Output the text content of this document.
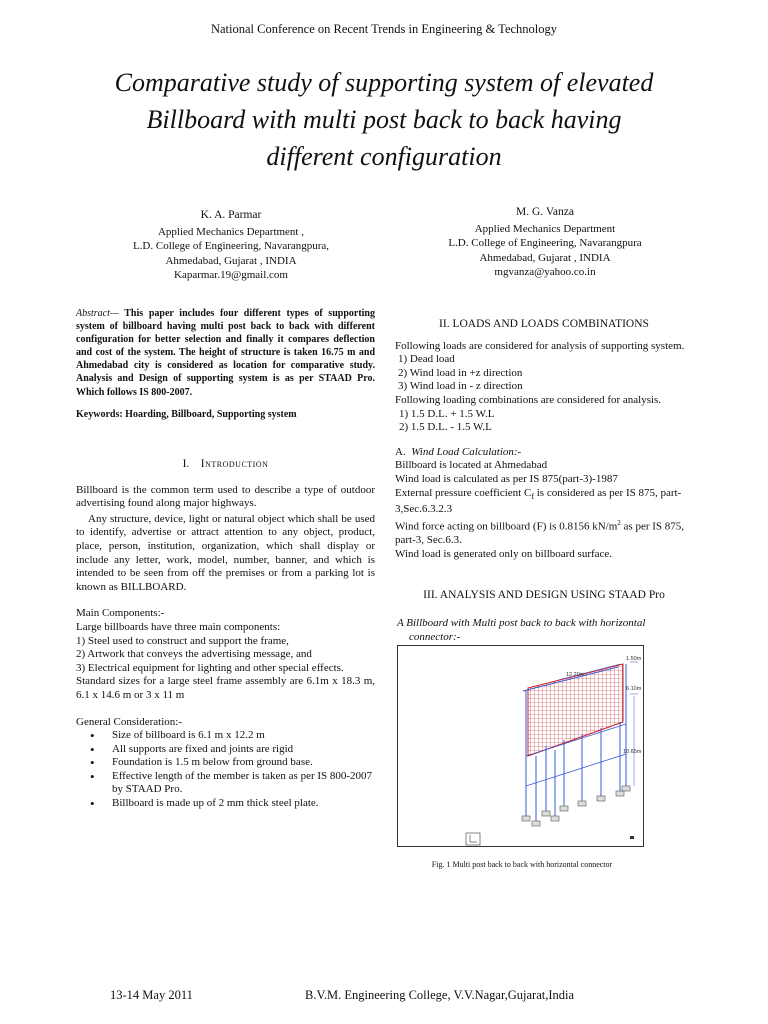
National Conference on Recent Trends in Engineering & Technology
Comparative study of supporting system of elevated
Billboard with multi post back to back having
different configuration
K. A. Parmar
Applied Mechanics Department ,
L.D. College of Engineering, Navarangpura,
Ahmedabad, Gujarat , INDIA
Kaparmar.19@gmail.com
M. G. Vanza
Applied Mechanics Department
L.D. College of Engineering, Navarangpura
Ahmedabad, Gujarat , INDIA
mgvanza@yahoo.co.in
Abstract— This paper includes four different types of supporting system of billboard having multi post back to back with different configuration for better selection and finally it compares deflection and cost of the system. The height of structure is taken 16.75 m and Ahmedabad city is considered as location for comparative study. Analysis and Design of supporting system is as per STAAD Pro. Which follows IS 800-2007.
Keywords: Hoarding, Billboard, Supporting system
I. Introduction
Billboard is the common term used to describe a type of outdoor advertising found along major highways.
Any structure, device, light or natural object which shall be used to identify, advertise or attract attention to any object, product, place, person, institution, organization, which shall display or include any letter, work, model, number, banner, and which is intended to be seen from off the premises or from a parking lot is known as BILLBOARD.
Main Components:-
Large billboards have three main components:
1) Steel used to construct and support the frame,
2) Artwork that conveys the advertising message, and
3) Electrical equipment for lighting and other special effects.
Standard sizes for a large steel frame assembly are 6.1m x 18.3 m, 6.1 x 14.6 m or 3 x 11 m
General Consideration:-
• Size of billboard is 6.1 m x 12.2 m
• All supports are fixed and joints are rigid
• Foundation is 1.5 m below from ground base.
• Effective length of the member is taken as per IS 800-2007 by STAAD Pro.
• Billboard is made up of 2 mm thick steel plate.
II. LOADS AND LOADS COMBINATIONS
Following loads are considered for analysis of supporting system.
1) Dead load
2) Wind load in +z direction
3) Wind load in - z direction
Following loading combinations are considered for analysis.
1) 1.5 D.L. + 1.5 W.L
2) 1.5 D.L. - 1.5 W.L
A. Wind Load Calculation:-
Billboard is located at Ahmedabad
Wind load is calculated as per IS 875(part-3)-1987
External pressure coefficient $C_f$ is considered as per IS 875, part-3,Sec.6.3.2.3
Wind force acting on billboard (F) is 0.8156 $kN/m^2$ as per IS 875, part-3, Sec.6.3.
Wind load is generated only on billboard surface.
III. ANALYSIS AND DESIGN USING STAAD Pro
A Billboard with Multi post back to back with horizontal
connector:-
12.20m
1.50m
6.10m
10.65m
Fig. 1 Multi post back to back with horizontal connector
13-14 May 2011	B.V.M. Engineering College, V.V.Nagar,Gujarat,India
